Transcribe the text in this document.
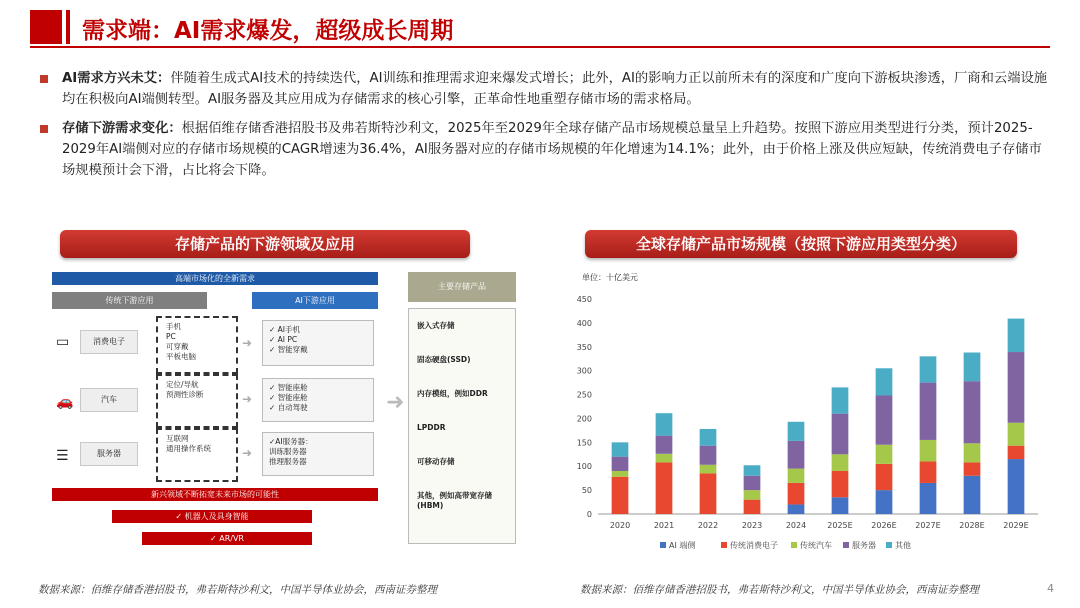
需求端：AI需求爆发，超级成长周期
AI需求方兴未艾：伴随着生成式AI技术的持续迭代，AI训练和推理需求迎来爆发式增长；此外，AI的影响力正以前所未有的深度和广度向下游板块渗透，厂商和云端设施均在积极向AI端侧转型。AI服务器及其应用成为存储需求的核心引擎，正革命性地重塑存储市场的需求格局。
存储下游需求变化：根据佰维存储香港招股书及弗若斯特沙利文，2025年至2029年全球存储产品市场规模总量呈上升趋势。按照下游应用类型进行分类，预计2025-2029年AI端侧对应的存储市场规模的CAGR增速为36.4%，AI服务器对应的存储市场规模的年化增速为14.1%；此外，由于价格上涨及供应短缺，传统消费电子存储市场规模预计会下滑，占比将会下降。
存储产品的下游领域及应用	全球存储产品市场规模（按照下游应用类型分类）
高端市场化的全新需求
传统下游应用	AI下游应用
▭	消费电子
手机
PC
可穿戴
平板电脑
➜
✓ AI手机
✓ AI PC
✓ 智能穿戴
🚗	汽车
定位/导航
预测性诊断	➜
✓ 智能座舱
✓ 智能座舱
✓ 自动驾驶
☰	服务器
互联网
通用操作系统	➜
✓AI服务器：
训练服务器
推理服务器
新兴领域不断拓宽未来市场的可能性
✓ 机器人及具身智能
✓ AR/VR
➜
主要存储产品
嵌入式存储
固态硬盘(SSD)
内存模组，例如DDR
LPDDR
可移动存储
其他，例如高带宽存储(HBM)
单位：十亿美元
0
50
100
150
200
250
300
350
400
450
2020	2021	2022	2023	2024	2025E 2026E 2027E 2028E 2029E
AI 端侧	传统消费电子	传统汽车	服务器 其他
数据来源：佰维存储香港招股书，弗若斯特沙利文，中国半导体业协会，西南证券整理	数据来源：佰维存储香港招股书，弗若斯特沙利文，中国半导体业协会，西南证券整理	4
